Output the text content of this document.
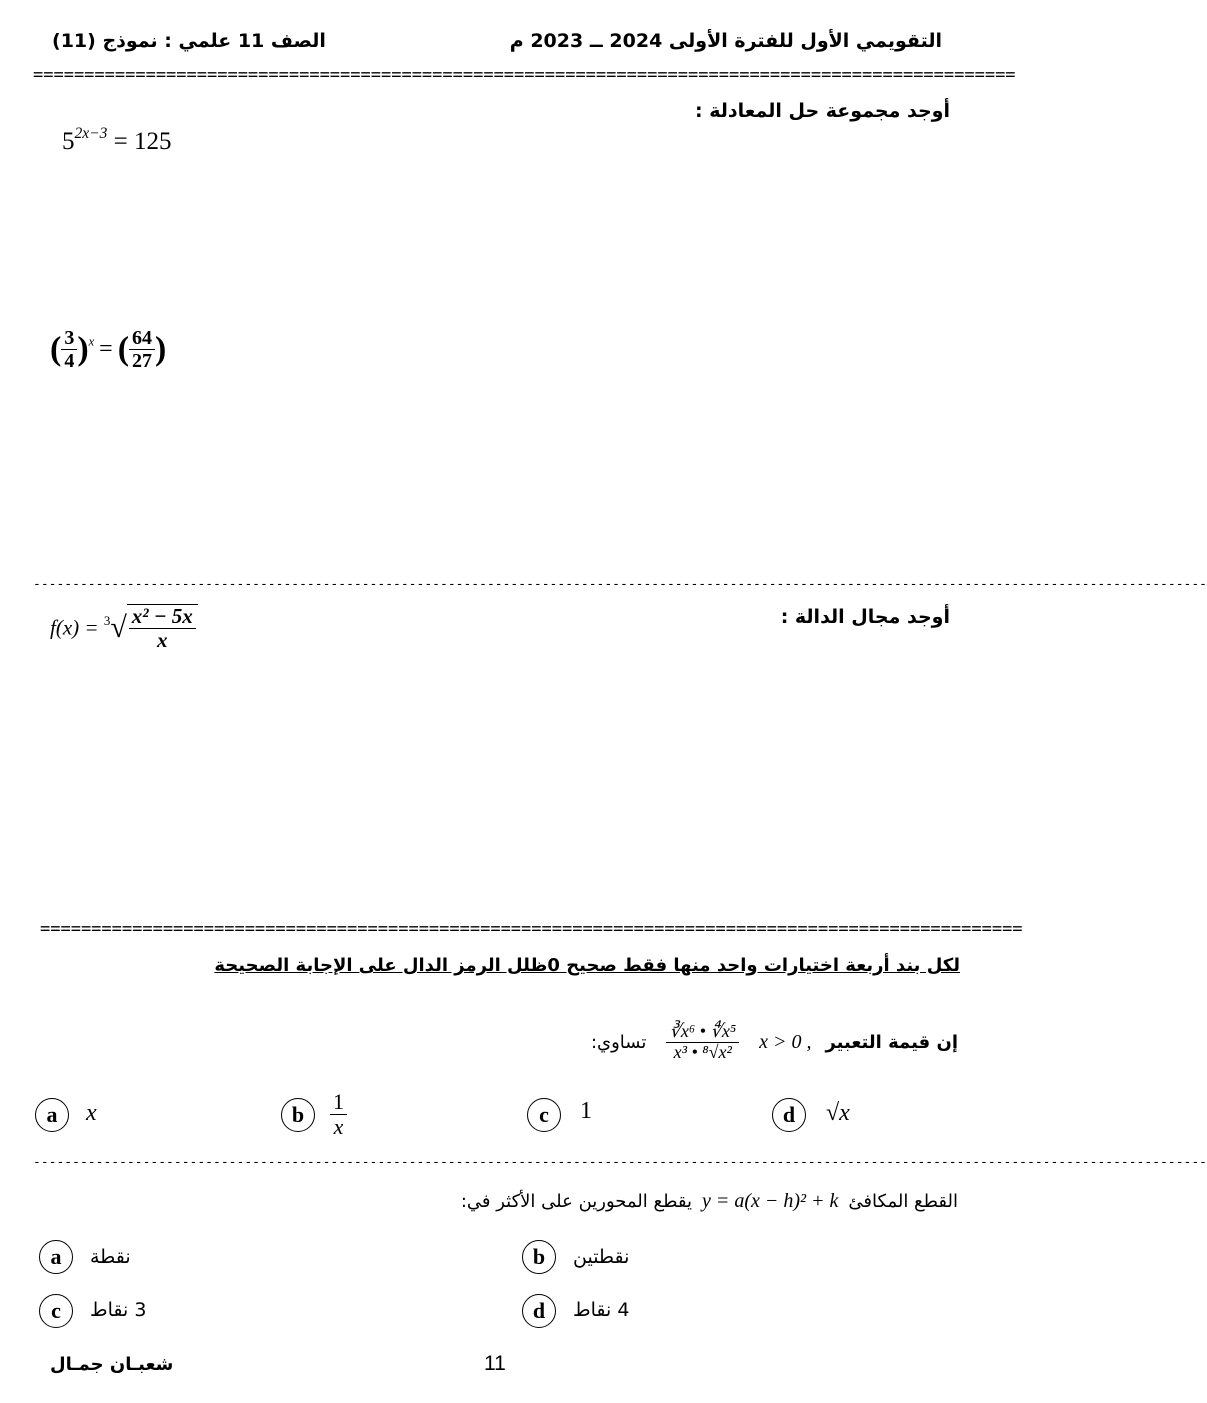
التقويمي الأول للفترة الأولى 2024 ــ 2023 م
الصف 11 علمي : نموذج (11)
================================================================================================
أوجد مجموعة حل المعادلة :
$5^{2x-3} = 125$
( $\frac{3}{4} )^x$ = ( $\frac{64}{27}$ )
------------------------------------------------------------------------------------------------------------------------------------------------------
أوجد مجال الدالة :
$f(x) = ^3√ \frac{\text{x² − 5x}}{x}$
================================================================================================
لكل بند أربعة اختيارات واحد منها فقط صحيح 0ظلل الرمز الدال على الإجابة الصحيحة
إن قيمة التعبير
x > 0 ,
$\frac{\text{∛x⁶ • ∜x⁵}}{\text{x³ • ⁸√x²}}$
تساوي:
a	x	b	$\frac{1}{x}$	c	1	d	√x
------------------------------------------------------------------------------------------------------------------------------------------------------
القطع المكافئ
y = a(x − h)² + k
يقطع المحورين على الأكثر في:
a	نقطة	b	نقطتين
c	3 نقاط	d	4 نقاط
شعبـان جمـال	11
